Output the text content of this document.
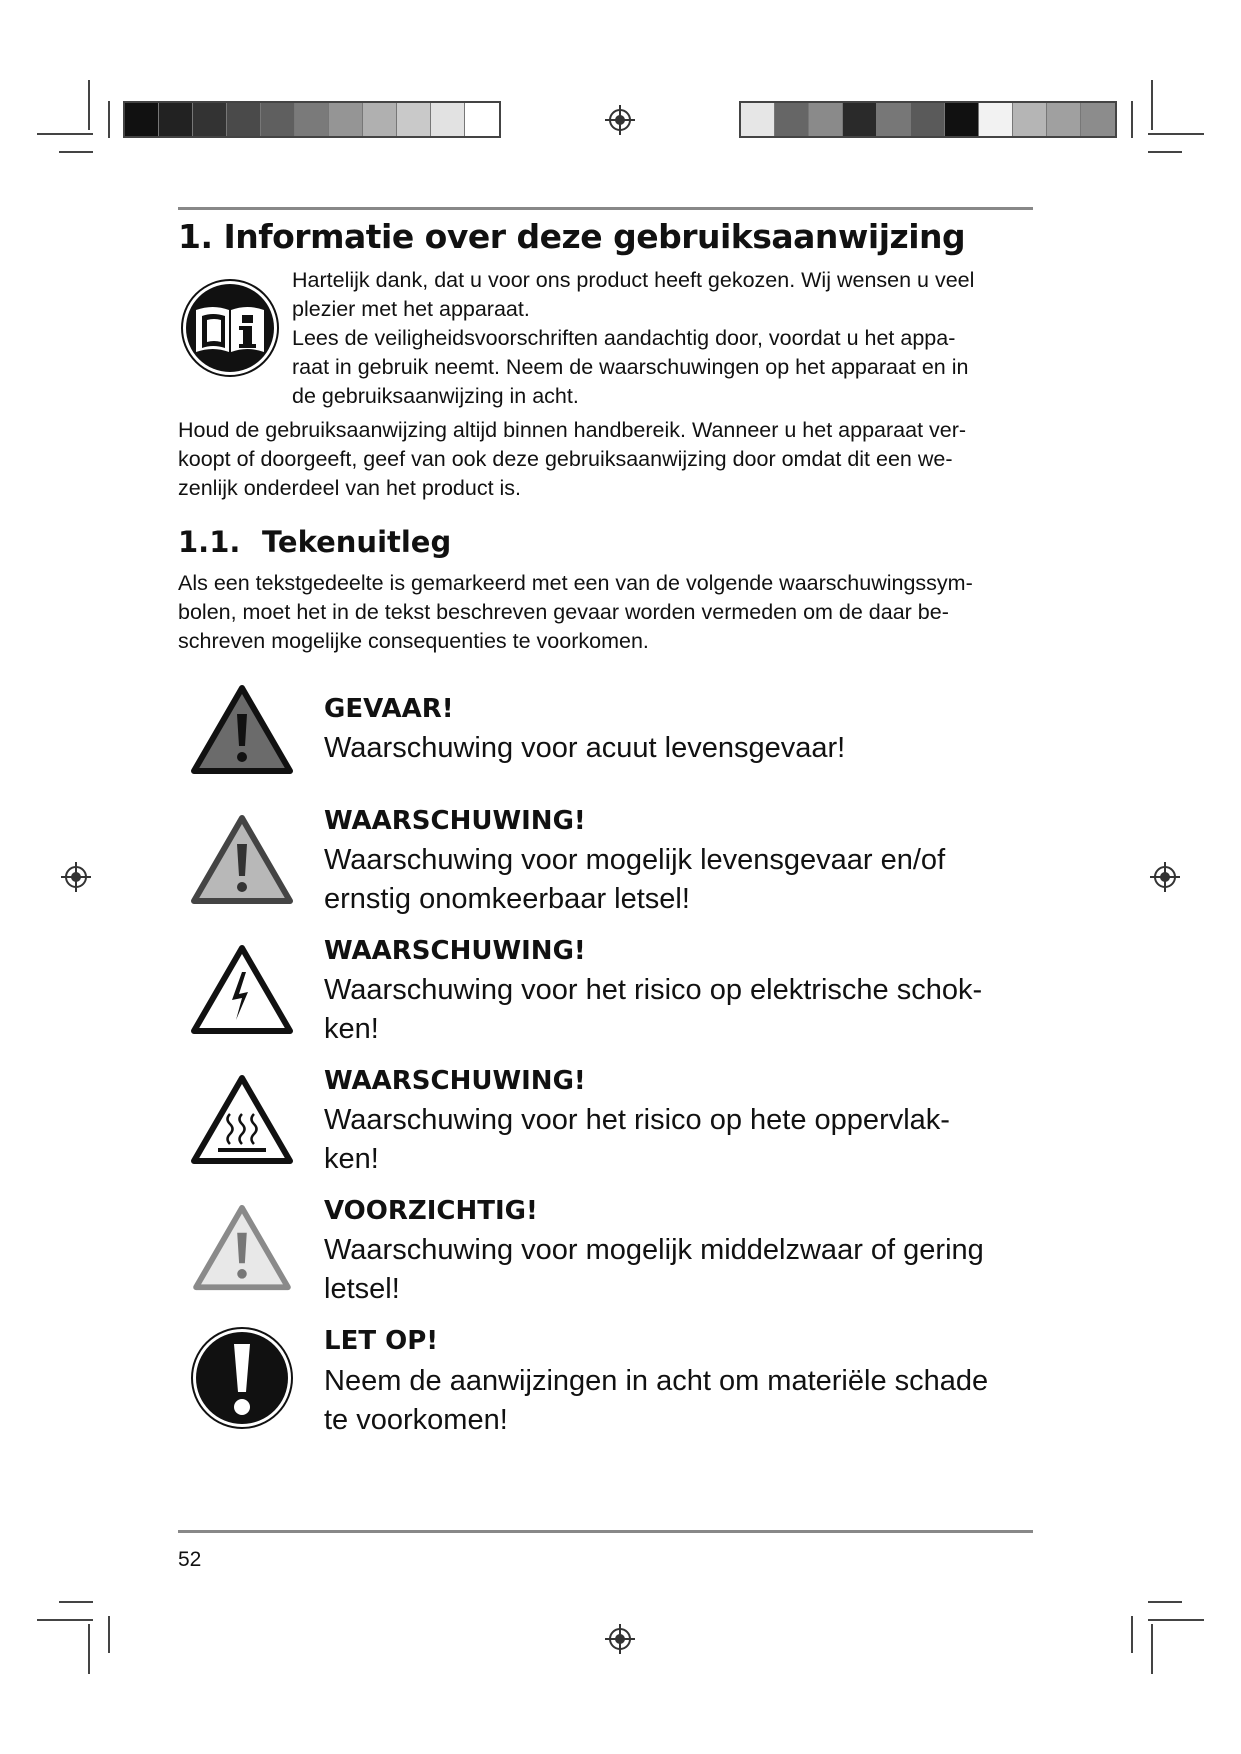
1. Informatie over deze gebruiksaanwijzing

Hartelijk dank, dat u voor ons product heeft gekozen. Wij wensen u veel
plezier met het apparaat.
Lees de veiligheidsvoorschriften aandachtig door, voordat u het appa-
raat in gebruik neemt. Neem de waarschuwingen op het apparaat en in
de gebruiksaanwijzing in acht.

Houd de gebruiksaanwijzing altijd binnen handbereik. Wanneer u het apparaat ver-
koopt of doorgeeft, geef van ook deze gebruiksaanwijzing door omdat dit een we-
zenlijk onderdeel van het product is.

1.1. Tekenuitleg

Als een tekstgedeelte is gemarkeerd met een van de volgende waarschuwingssym-
bolen, moet het in de tekst beschreven gevaar worden vermeden om de daar be-
schreven mogelijke consequenties te voorkomen.

GEVAAR!

Waarschuwing voor acuut levensgevaar!

WAARSCHUWING!

Waarschuwing voor mogelijk levensgevaar en/of
ernstig onomkeerbaar letsel!

WAARSCHUWING!

Waarschuwing voor het risico op elektrische schok-
ken!

WAARSCHUWING!

Waarschuwing voor het risico op hete oppervlak-
ken!

VOORZICHTIG!

Waarschuwing voor mogelijk middelzwaar of gering
letsel!

LET OP!

Neem de aanwijzingen in acht om materiële schade
te voorkomen!

52
